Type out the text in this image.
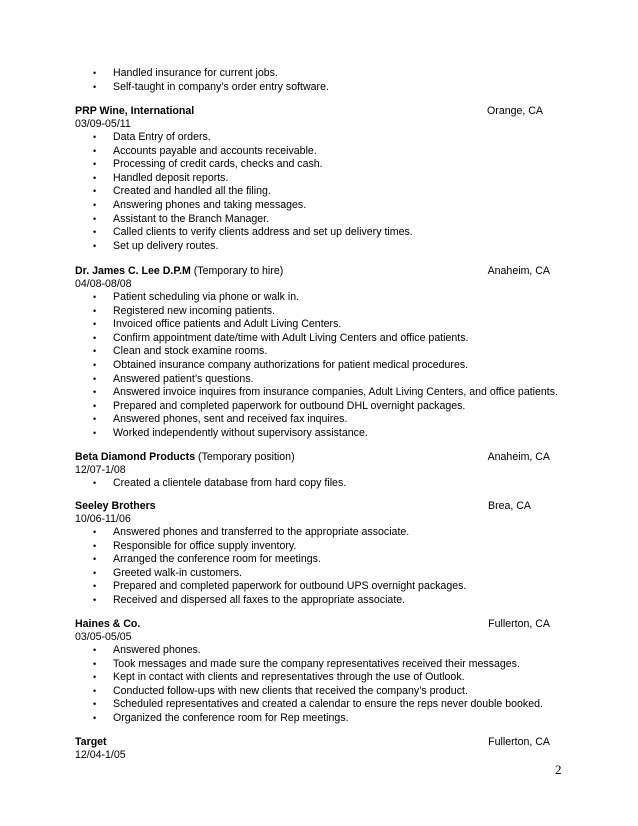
• Handled insurance for current jobs.
• Self-taught in company’s order entry software.
PRP Wine, International	Orange, CA
03/09-05/11
• Data Entry of orders.
• Accounts payable and accounts receivable.
• Processing of credit cards, checks and cash.
• Handled deposit reports.
• Created and handled all the filing.
• Answering phones and taking messages.
• Assistant to the Branch Manager.
• Called clients to verify clients address and set up delivery times.
• Set up delivery routes.
Dr. James C. Lee D.P.M (Temporary to hire)	Anaheim, CA
04/08-08/08
• Patient scheduling via phone or walk in.
• Registered new incoming patients.
• Invoiced office patients and Adult Living Centers.
• Confirm appointment date/time with Adult Living Centers and office patients.
• Clean and stock examine rooms.
• Obtained insurance company authorizations for patient medical procedures.
• Answered patient’s questions.
• Answered invoice inquires from insurance companies, Adult Living Centers, and office patients.
• Prepared and completed paperwork for outbound DHL overnight packages.
• Answered phones, sent and received fax inquires.
• Worked independently without supervisory assistance.
Beta Diamond Products (Temporary position)	Anaheim, CA
12/07-1/08
• Created a clientele database from hard copy files.
Seeley Brothers	Brea, CA
10/06-11/06
• Answered phones and transferred to the appropriate associate.
• Responsible for office supply inventory.
• Arranged the conference room for meetings.
• Greeted walk-in customers.
• Prepared and completed paperwork for outbound UPS overnight packages.
• Received and dispersed all faxes to the appropriate associate.
Haines & Co.	Fullerton, CA
03/05-05/05
• Answered phones.
• Took messages and made sure the company representatives received their messages.
• Kept in contact with clients and representatives through the use of Outlook.
• Conducted follow-ups with new clients that received the company’s product.
• Scheduled representatives and created a calendar to ensure the reps never double booked.
• Organized the conference room for Rep meetings.
Target	Fullerton, CA
12/04-1/05
2
